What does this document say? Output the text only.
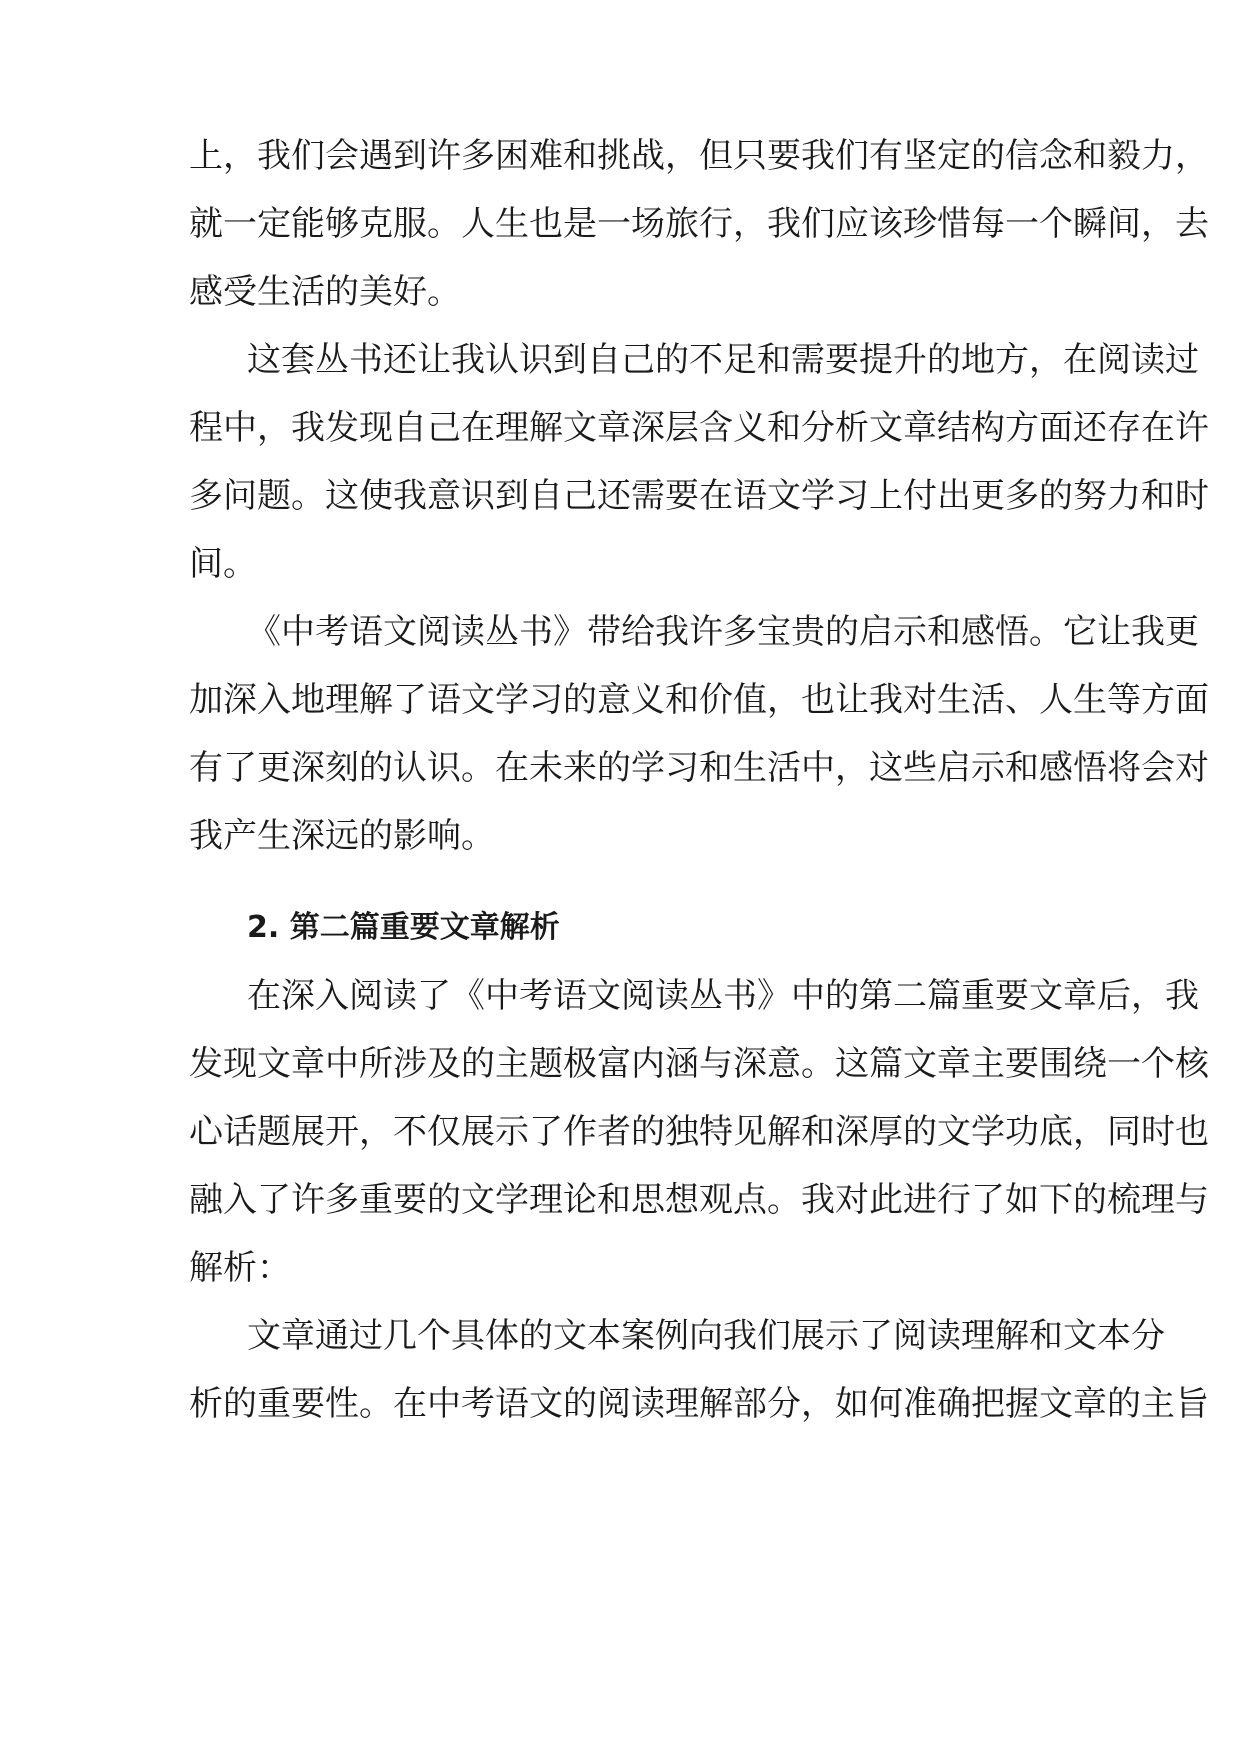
上，我们会遇到许多困难和挑战，但只要我们有坚定的信念和毅力，
就一定能够克服。人生也是一场旅行，我们应该珍惜每一个瞬间，去
感受生活的美好。
这套丛书还让我认识到自己的不足和需要提升的地方，在阅读过
程中，我发现自己在理解文章深层含义和分析文章结构方面还存在许
多问题。这使我意识到自己还需要在语文学习上付出更多的努力和时
间。
《中考语文阅读丛书》带给我许多宝贵的启示和感悟。它让我更
加深入地理解了语文学习的意义和价值，也让我对生活、人生等方面
有了更深刻的认识。在未来的学习和生活中，这些启示和感悟将会对
我产生深远的影响。
2. 第二篇重要文章解析
在深入阅读了《中考语文阅读丛书》中的第二篇重要文章后，我
发现文章中所涉及的主题极富内涵与深意。这篇文章主要围绕一个核
心话题展开，不仅展示了作者的独特见解和深厚的文学功底，同时也
融入了许多重要的文学理论和思想观点。我对此进行了如下的梳理与
解析：
文章通过几个具体的文本案例向我们展示了阅读理解和文本分
析的重要性。在中考语文的阅读理解部分，如何准确把握文章的主旨
